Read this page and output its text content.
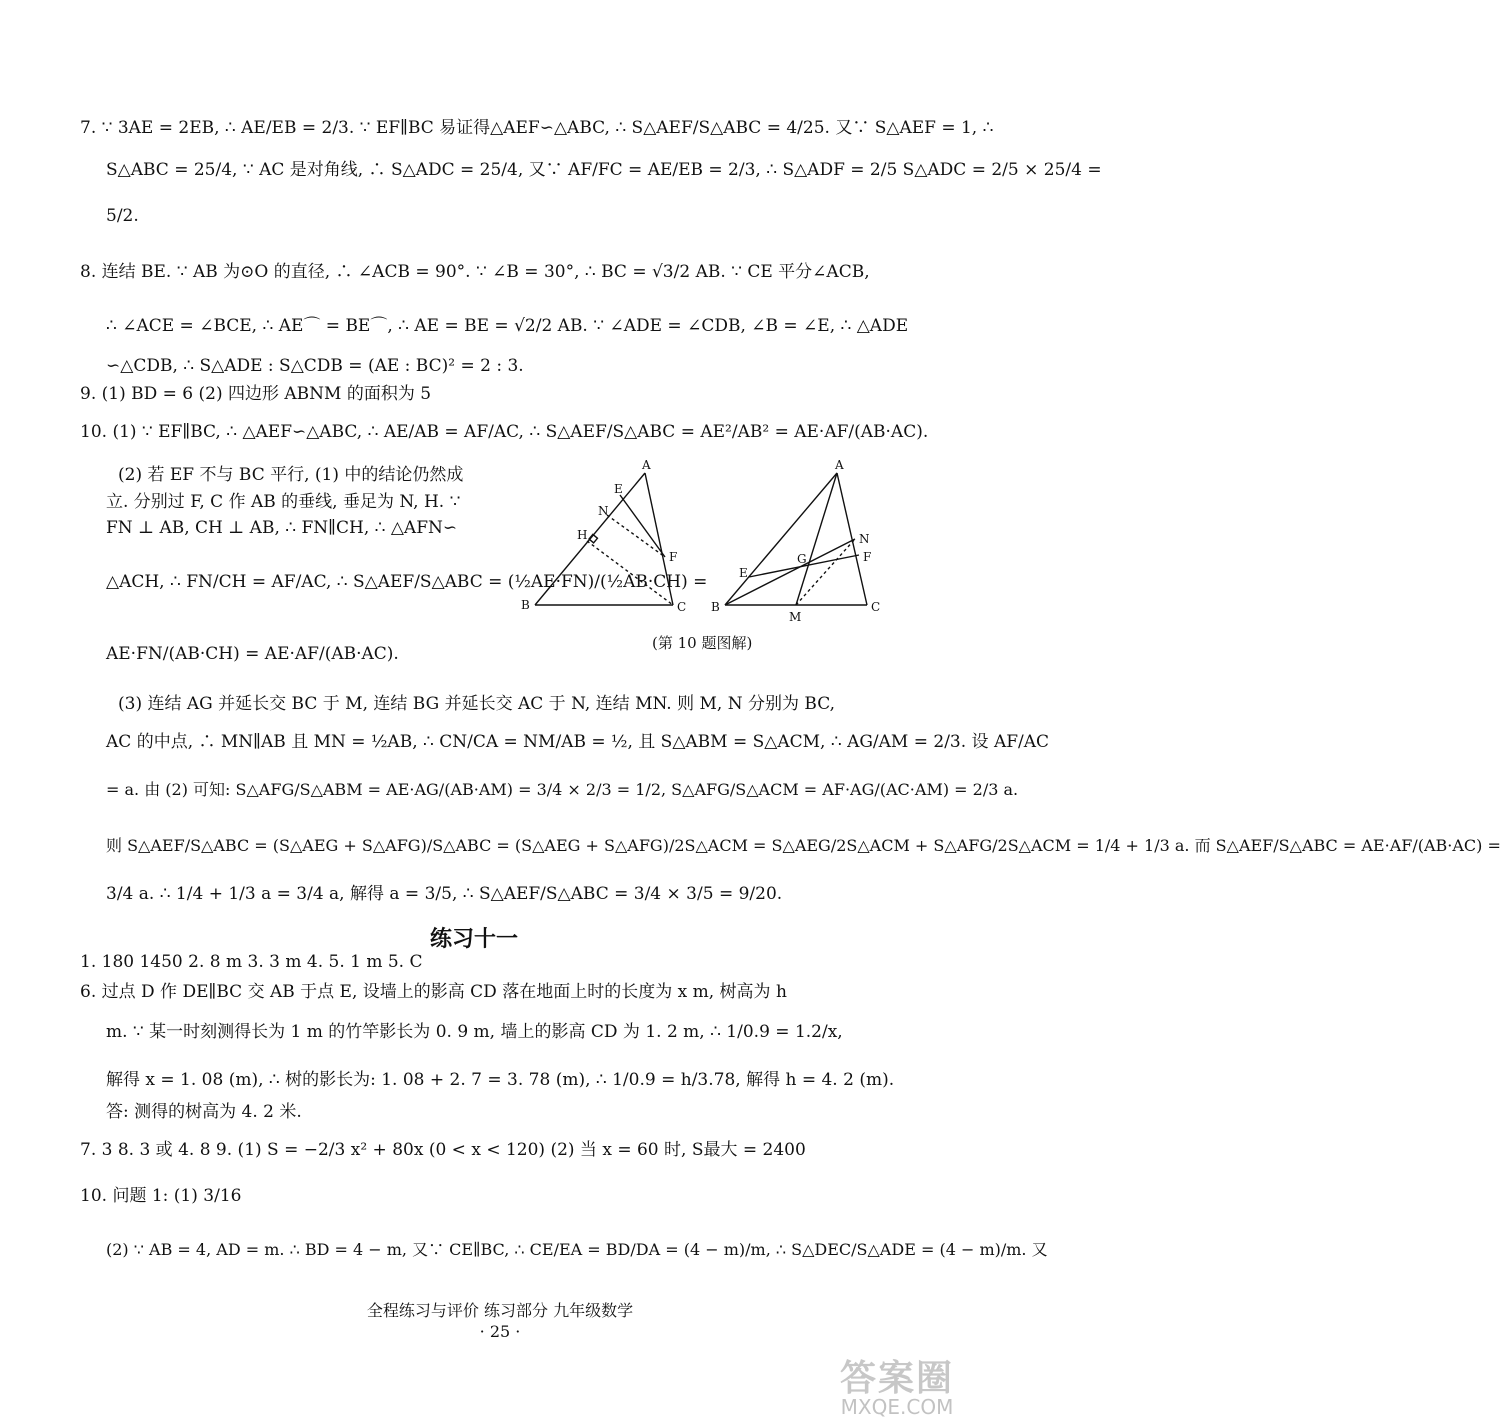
7. ∵ 3AE = 2EB, ∴ AE/EB = 2/3. ∵ EF∥BC 易证得△AEF∽△ABC, ∴ S△AEF/S△ABC = 4/25. 又∵ S△AEF = 1, ∴
S△ABC = 25/4, ∵ AC 是对角线, ∴ S△ADC = 25/4, 又∵ AF/FC = AE/EB = 2/3, ∴ S△ADF = 2/5 S△ADC = 2/5 × 25/4 =
5/2.
8. 连结 BE. ∵ AB 为⊙O 的直径, ∴ ∠ACB = 90°. ∵ ∠B = 30°, ∴ BC = √3/2 AB. ∵ CE 平分∠ACB,
∴ ∠ACE = ∠BCE, ∴ AE⌒ = BE⌒, ∴ AE = BE = √2/2 AB. ∵ ∠ADE = ∠CDB, ∠B = ∠E, ∴ △ADE
∽△CDB, ∴ S△ADE : S△CDB = (AE : BC)² = 2 : 3.
9. (1) BD = 6 (2) 四边形 ABNM 的面积为 5
10. (1) ∵ EF∥BC, ∴ △AEF∽△ABC, ∴ AE/AB = AF/AC, ∴ S△AEF/S△ABC = AE²/AB² = AE·AF/(AB·AC).
(2) 若 EF 不与 BC 平行, (1) 中的结论仍然成
立. 分别过 F, C 作 AB 的垂线, 垂足为 N, H. ∵
FN ⊥ AB, CH ⊥ AB, ∴ FN∥CH, ∴ △AFN∽
△ACH, ∴ FN/CH = AF/AC, ∴ S△AEF/S△ABC = (½AE·FN)/(½AB·CH) =
AE·FN/(AB·CH) = AE·AF/(AB·AC).
(3) 连结 AG 并延长交 BC 于 M, 连结 BG 并延长交 AC 于 N, 连结 MN. 则 M, N 分别为 BC,
AC 的中点, ∴ MN∥AB 且 MN = ½AB, ∴ CN/CA = NM/AB = ½, 且 S△ABM = S△ACM, ∴ AG/AM = 2/3. 设 AF/AC
= a. 由 (2) 可知: S△AFG/S△ABM = AE·AG/(AB·AM) = 3/4 × 2/3 = 1/2, S△AFG/S△ACM = AF·AG/(AC·AM) = 2/3 a.
则 S△AEF/S△ABC = (S△AEG + S△AFG)/S△ABC = (S△AEG + S△AFG)/2S△ACM = S△AEG/2S△ACM + S△AFG/2S△ACM = 1/4 + 1/3 a. 而 S△AEF/S△ABC = AE·AF/(AB·AC) =
3/4 a. ∴ 1/4 + 1/3 a = 3/4 a, 解得 a = 3/5, ∴ S△AEF/S△ABC = 3/4 × 3/5 = 9/20.
练习十一
1. 180 1450 2. 8 m 3. 3 m 4. 5. 1 m 5. C
6. 过点 D 作 DE∥BC 交 AB 于点 E, 设墙上的影高 CD 落在地面上时的长度为 x m, 树高为 h
m. ∵ 某一时刻测得长为 1 m 的竹竿影长为 0. 9 m, 墙上的影高 CD 为 1. 2 m, ∴ 1/0.9 = 1.2/x,
解得 x = 1. 08 (m), ∴ 树的影长为: 1. 08 + 2. 7 = 3. 78 (m), ∴ 1/0.9 = h/3.78, 解得 h = 4. 2 (m).
答: 测得的树高为 4. 2 米.
7. 3 8. 3 或 4. 8 9. (1) S = −2/3 x² + 80x (0 < x < 120) (2) 当 x = 60 时, S最大 = 2400
10. 问题 1: (1) 3/16
(2) ∵ AB = 4, AD = m. ∴ BD = 4 − m, 又∵ CE∥BC, ∴ CE/EA = BD/DA = (4 − m)/m, ∴ S△DEC/S△ADE = (4 − m)/m. 又
A
E
N
H
F
B	C
A
N
F
G
E
B
M
C
(第 10 题图解)
全程练习与评价 练习部分 九年级数学
· 25 ·
答案圈
MXQE.COM
